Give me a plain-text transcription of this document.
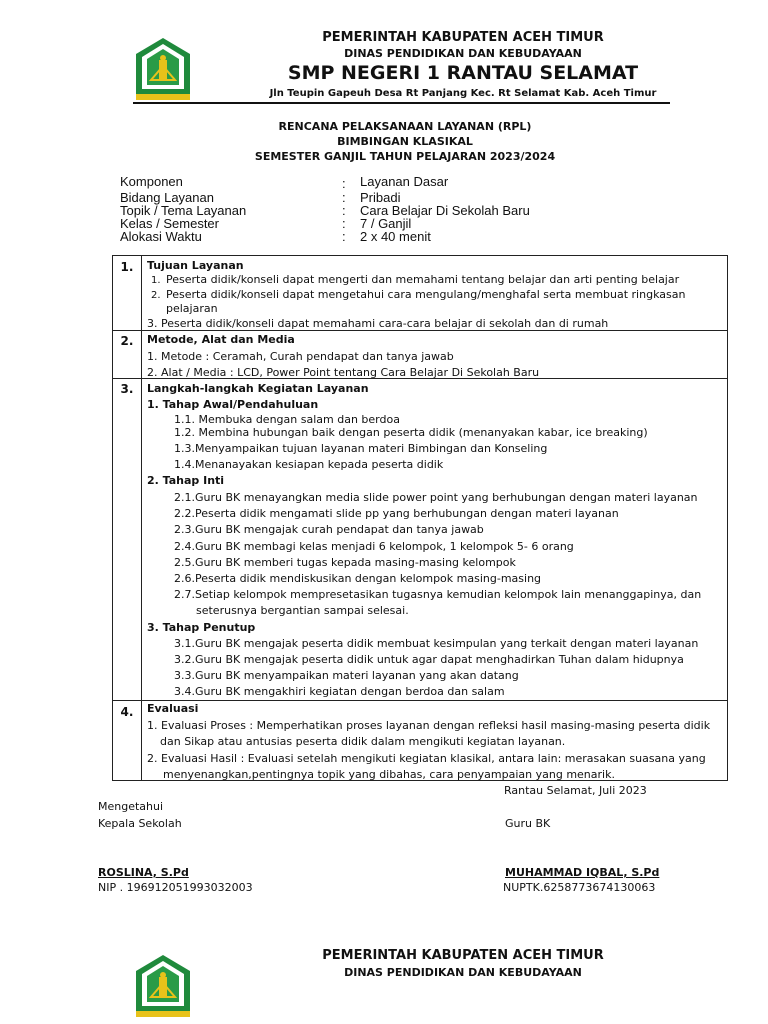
PEMERINTAH KABUPATEN ACEH TIMUR
DINAS PENDIDIKAN DAN KEBUDAYAAN
SMP NEGERI 1 RANTAU SELAMAT
Jln Teupin Gapeuh Desa Rt Panjang Kec. Rt Selamat Kab. Aceh Timur
RENCANA PELAKSANAAN LAYANAN (RPL)
BIMBINGAN KLASIKAL
SEMESTER GANJIL TAHUN PELAJARAN 2023/2024
Komponen	: Layanan Dasar
Bidang Layanan	: Pribadi
Topik / Tema Layanan	: Cara Belajar Di Sekolah Baru
Kelas / Semester	: 7 / Ganjil
Alokasi Waktu	: 2 x 40 menit
1.	Tujuan Layanan
1. Peserta didik/konseli dapat mengerti dan memahami tentang belajar dan arti penting belajar
2. Peserta didik/konseli dapat mengetahui cara mengulang/menghafal serta membuat ringkasan
pelajaran
3. Peserta didik/konseli dapat memahami cara-cara belajar di sekolah dan di rumah
2.	Metode, Alat dan Media
1. Metode : Ceramah, Curah pendapat dan tanya jawab
2. Alat / Media : LCD, Power Point tentang Cara Belajar Di Sekolah Baru
3.	Langkah-langkah Kegiatan Layanan
1. Tahap Awal/Pendahuluan
1.1. Membuka dengan salam dan berdoa
1.2. Membina hubungan baik dengan peserta didik (menanyakan kabar, ice breaking)
1.3.Menyampaikan tujuan layanan materi Bimbingan dan Konseling
1.4.Menanayakan kesiapan kepada peserta didik
2. Tahap Inti
2.1.Guru BK menayangkan media slide power point yang berhubungan dengan materi layanan
2.2.Peserta didik mengamati slide pp yang berhubungan dengan materi layanan
2.3.Guru BK mengajak curah pendapat dan tanya jawab
2.4.Guru BK membagi kelas menjadi 6 kelompok, 1 kelompok 5- 6 orang
2.5.Guru BK memberi tugas kepada masing-masing kelompok
2.6.Peserta didik mendiskusikan dengan kelompok masing-masing
2.7.Setiap kelompok mempresetasikan tugasnya kemudian kelompok lain menanggapinya, dan
seterusnya bergantian sampai selesai.
3. Tahap Penutup
3.1.Guru BK mengajak peserta didik membuat kesimpulan yang terkait dengan materi layanan
3.2.Guru BK mengajak peserta didik untuk agar dapat menghadirkan Tuhan dalam hidupnya
3.3.Guru BK menyampaikan materi layanan yang akan datang
3.4.Guru BK mengakhiri kegiatan dengan berdoa dan salam
4.	Evaluasi
1. Evaluasi Proses : Memperhatikan proses layanan dengan refleksi hasil masing-masing peserta didik
dan Sikap atau antusias peserta didik dalam mengikuti kegiatan layanan.
2. Evaluasi Hasil : Evaluasi setelah mengikuti kegiatan klasikal, antara lain: merasakan suasana yang
menyenangkan,pentingnya topik yang dibahas, cara penyampaian yang menarik.
Rantau Selamat, Juli 2023
Mengetahui
Kepala Sekolah	Guru BK
ROSLINA, S.Pd	MUHAMMAD IQBAL, S.Pd
NIP . 196912051993032003	NUPTK.6258773674130063
PEMERINTAH KABUPATEN ACEH TIMUR
DINAS PENDIDIKAN DAN KEBUDAYAAN
